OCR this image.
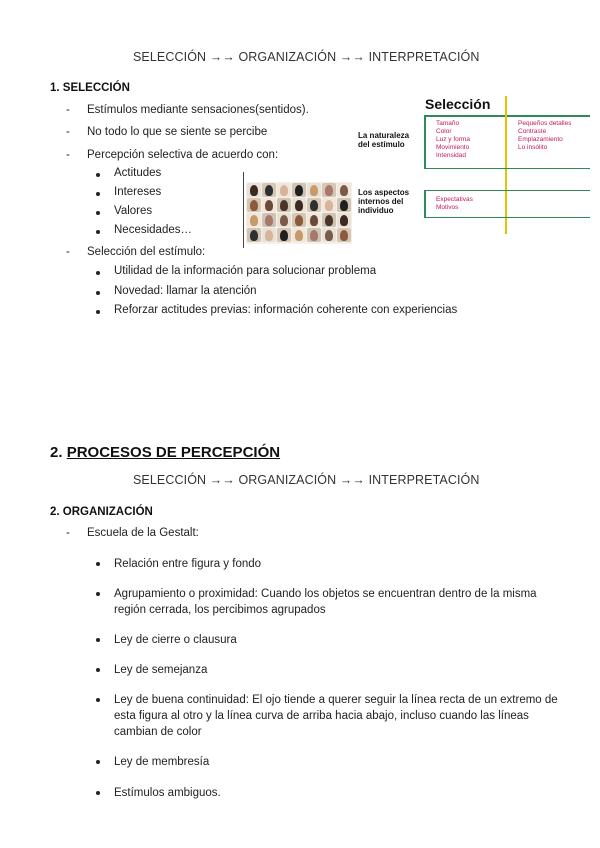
SELECCIÓN →→ ORGANIZACIÓN →→ INTERPRETACIÓN
1. SELECCIÓN
- Estímulos mediante sensaciones(sentidos).
- No todo lo que se siente se percibe
- Percepción selectiva de acuerdo con:
Actitudes
Intereses
Valores
Necesidades…
- Selección del estímulo:
Utilidad de la información para solucionar problema
Novedad: llamar la atención
Reforzar actitudes previas: información coherente con experiencias
Selección
La naturaleza del estímulo
Tamaño
Color
Luz y forma
Movimiento
Intensidad
Pequeños detalles
Contraste
Emplazamiento
Lo insólito
Los aspectos internos del individuo
Expectativas
Motivos
2. PROCESOS DE PERCEPCIÓN
SELECCIÓN →→ ORGANIZACIÓN →→ INTERPRETACIÓN
2. ORGANIZACIÓN
- Escuela de la Gestalt:
Relación entre figura y fondo
Agrupamiento o proximidad: Cuando los objetos se encuentran dentro de la misma región cerrada, los percibimos agrupados
Ley de cierre o clausura
Ley de semejanza
Ley de buena continuidad: El ojo tiende a querer seguir la línea recta de un extremo de esta figura al otro y la línea curva de arriba hacia abajo, incluso cuando las líneas cambian de color
Ley de membresía
Estímulos ambiguos.
